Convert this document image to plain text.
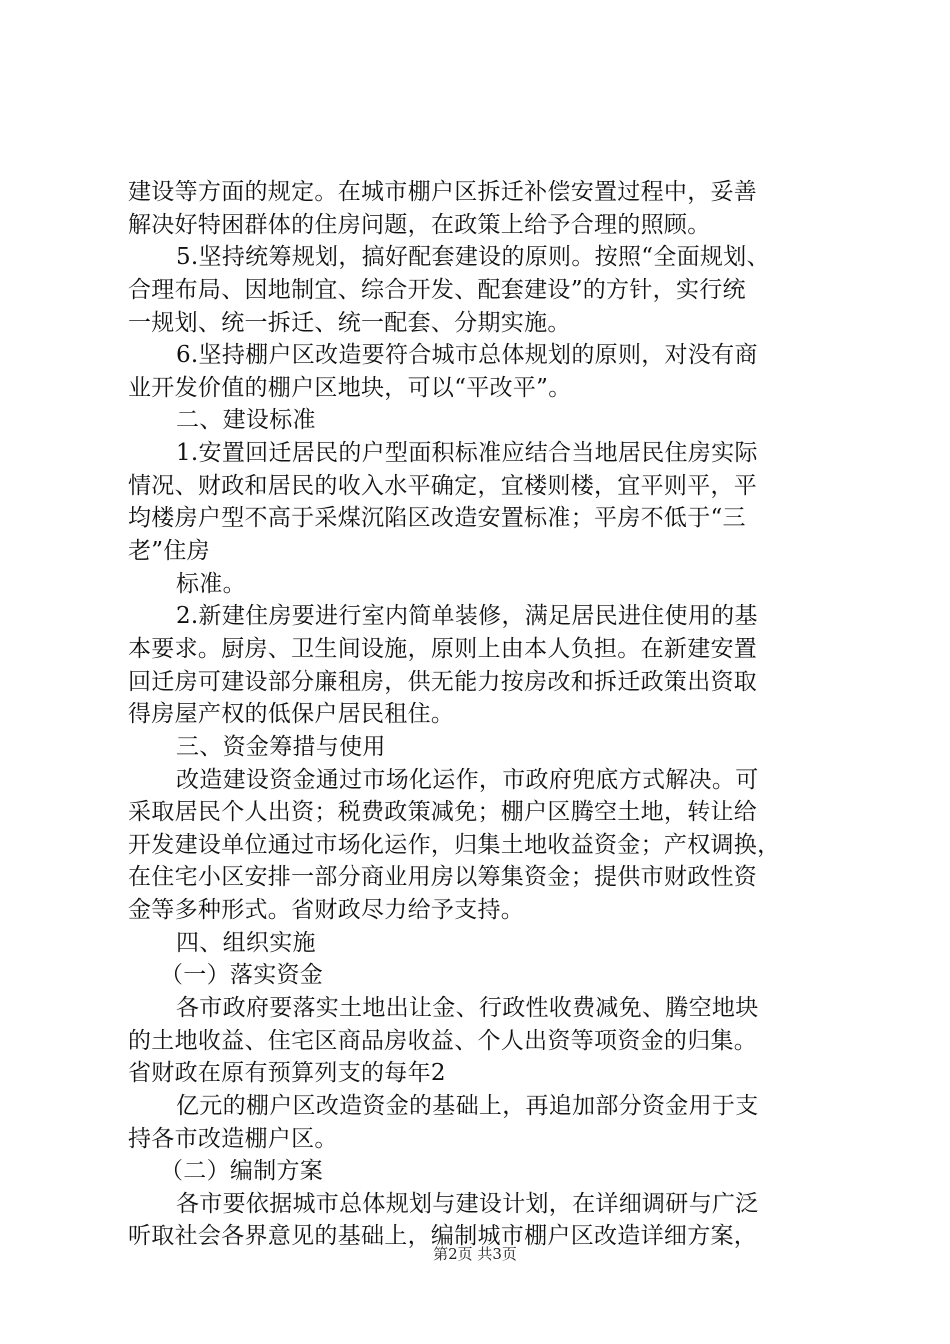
建设等方面的规定。在城市棚户区拆迁补偿安置过程中，妥善
解决好特困群体的住房问题，在政策上给予合理的照顾。
5.坚持统筹规划，搞好配套建设的原则。按照“全面规划、
合理布局、因地制宜、综合开发、配套建设”的方针，实行统
一规划、统一拆迁、统一配套、分期实施。
6.坚持棚户区改造要符合城市总体规划的原则，对没有商
业开发价值的棚户区地块，可以“平改平”。
二、建设标准
1.安置回迁居民的户型面积标准应结合当地居民住房实际
情况、财政和居民的收入水平确定，宜楼则楼，宜平则平，平
均楼房户型不高于采煤沉陷区改造安置标准；平房不低于“三
老”住房
标准。
2.新建住房要进行室内简单装修，满足居民进住使用的基
本要求。厨房、卫生间设施，原则上由本人负担。在新建安置
回迁房可建设部分廉租房，供无能力按房改和拆迁政策出资取
得房屋产权的低保户居民租住。
三、资金筹措与使用
改造建设资金通过市场化运作，市政府兜底方式解决。可
采取居民个人出资；税费政策减免；棚户区腾空土地，转让给
开发建设单位通过市场化运作，归集土地收益资金；产权调换，
在住宅小区安排一部分商业用房以筹集资金；提供市财政性资
金等多种形式。省财政尽力给予支持。
四、组织实施
（一）落实资金
各市政府要落实土地出让金、行政性收费减免、腾空地块
的土地收益、住宅区商品房收益、个人出资等项资金的归集。
省财政在原有预算列支的每年2
亿元的棚户区改造资金的基础上，再追加部分资金用于支
持各市改造棚户区。
（二）编制方案
各市要依据城市总体规划与建设计划，在详细调研与广泛
听取社会各界意见的基础上，编制城市棚户区改造详细方案，
第2页 共3页
